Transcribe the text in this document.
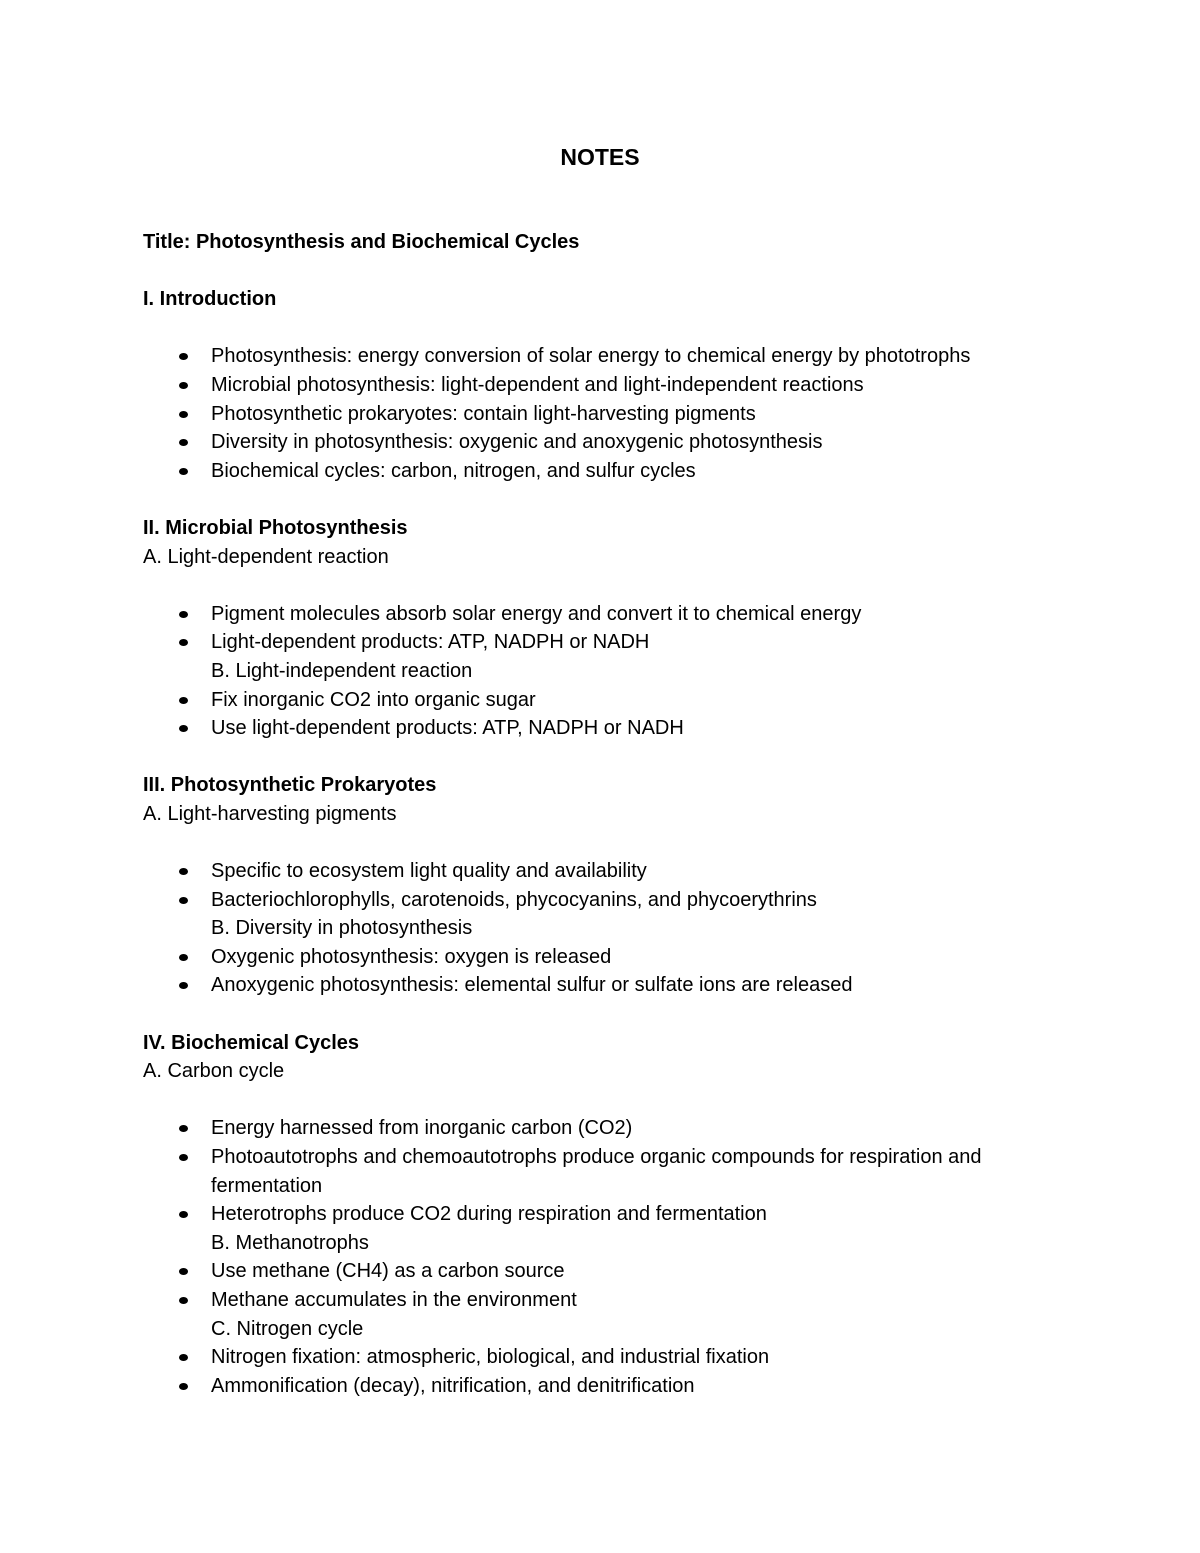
NOTES

Title: Photosynthesis and Biochemical Cycles

I. Introduction

Photosynthesis: energy conversion of solar energy to chemical energy by phototrophs
Microbial photosynthesis: light-dependent and light-independent reactions
Photosynthetic prokaryotes: contain light-harvesting pigments
Diversity in photosynthesis: oxygenic and anoxygenic photosynthesis
Biochemical cycles: carbon, nitrogen, and sulfur cycles

II. Microbial Photosynthesis

A. Light-dependent reaction

Pigment molecules absorb solar energy and convert it to chemical energy
Light-dependent products: ATP, NADPH or NADH

B. Light-independent reaction

Fix inorganic CO2 into organic sugar
Use light-dependent products: ATP, NADPH or NADH

III. Photosynthetic Prokaryotes

A. Light-harvesting pigments

Specific to ecosystem light quality and availability
Bacteriochlorophylls, carotenoids, phycocyanins, and phycoerythrins

B. Diversity in photosynthesis

Oxygenic photosynthesis: oxygen is released
Anoxygenic photosynthesis: elemental sulfur or sulfate ions are released

IV. Biochemical Cycles

A. Carbon cycle

Energy harnessed from inorganic carbon (CO2)
Photoautotrophs and chemoautotrophs produce organic compounds for respiration and fermentation
Heterotrophs produce CO2 during respiration and fermentation

B. Methanotrophs

Use methane (CH4) as a carbon source
Methane accumulates in the environment

C. Nitrogen cycle

Nitrogen fixation: atmospheric, biological, and industrial fixation
Ammonification (decay), nitrification, and denitrification
